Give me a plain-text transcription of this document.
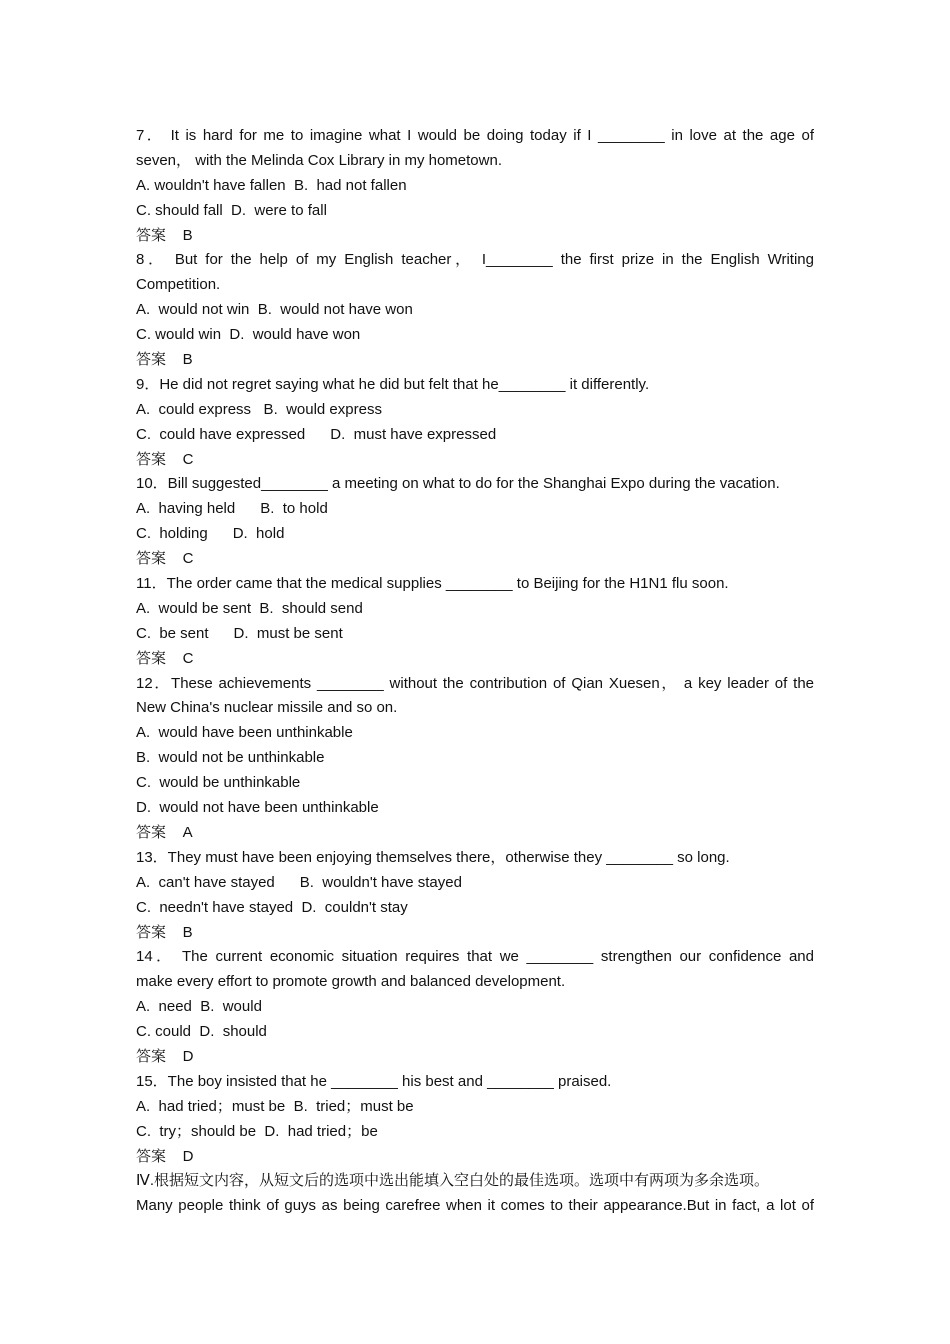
7． It is hard for me to imagine what I would be doing today if I ________ in love at the age of
seven， with the Melinda Cox Library in my hometown.
A. wouldn't have fallen  B.  had not fallen
C. should fall  D.  were to fall
答案    B
8． But for the help of my English teacher， I________ the first prize in the English Writing
Competition.
A.  would not win  B.  would not have won
C. would win  D.  would have won
答案    B
9．He did not regret saying what he did but felt that he________ it differently.
A.  could express   B.  would express
C.  could have expressed      D.  must have expressed
答案    C
10．Bill suggested________ a meeting on what to do for the Shanghai Expo during the vacation.
A.  having held      B.  to hold
C.  holding      D.  hold
答案    C
11．The order came that the medical supplies ________ to Beijing for the H1N1 flu soon.
A.  would be sent  B.  should send
C.  be sent      D.  must be sent
答案    C
12．These achievements ________ without the contribution of Qian Xuesen， a key leader of the
New China's nuclear missile and so on.
A.  would have been unthinkable
B.  would not be unthinkable
C.  would be unthinkable
D.  would not have been unthinkable
答案    A
13．They must have been enjoying themselves there，otherwise they ________ so long.
A.  can't have stayed      B.  wouldn't have stayed
C.  needn't have stayed  D.  couldn't stay
答案    B
14． The current economic situation requires that we ________ strengthen our confidence and
make every effort to promote growth and balanced development.
A.  need  B.  would
C. could  D.  should
答案    D
15．The boy insisted that he ________ his best and ________ praised.
A.  had tried；must be  B.  tried；must be
C.  try；should be  D.  had tried；be
答案    D
Ⅳ.根据短文内容，从短文后的选项中选出能填入空白处的最佳选项。选项中有两项为多余选项。
Many people think of guys as being carefree when it comes to their appearance.But in fact, a lot of
